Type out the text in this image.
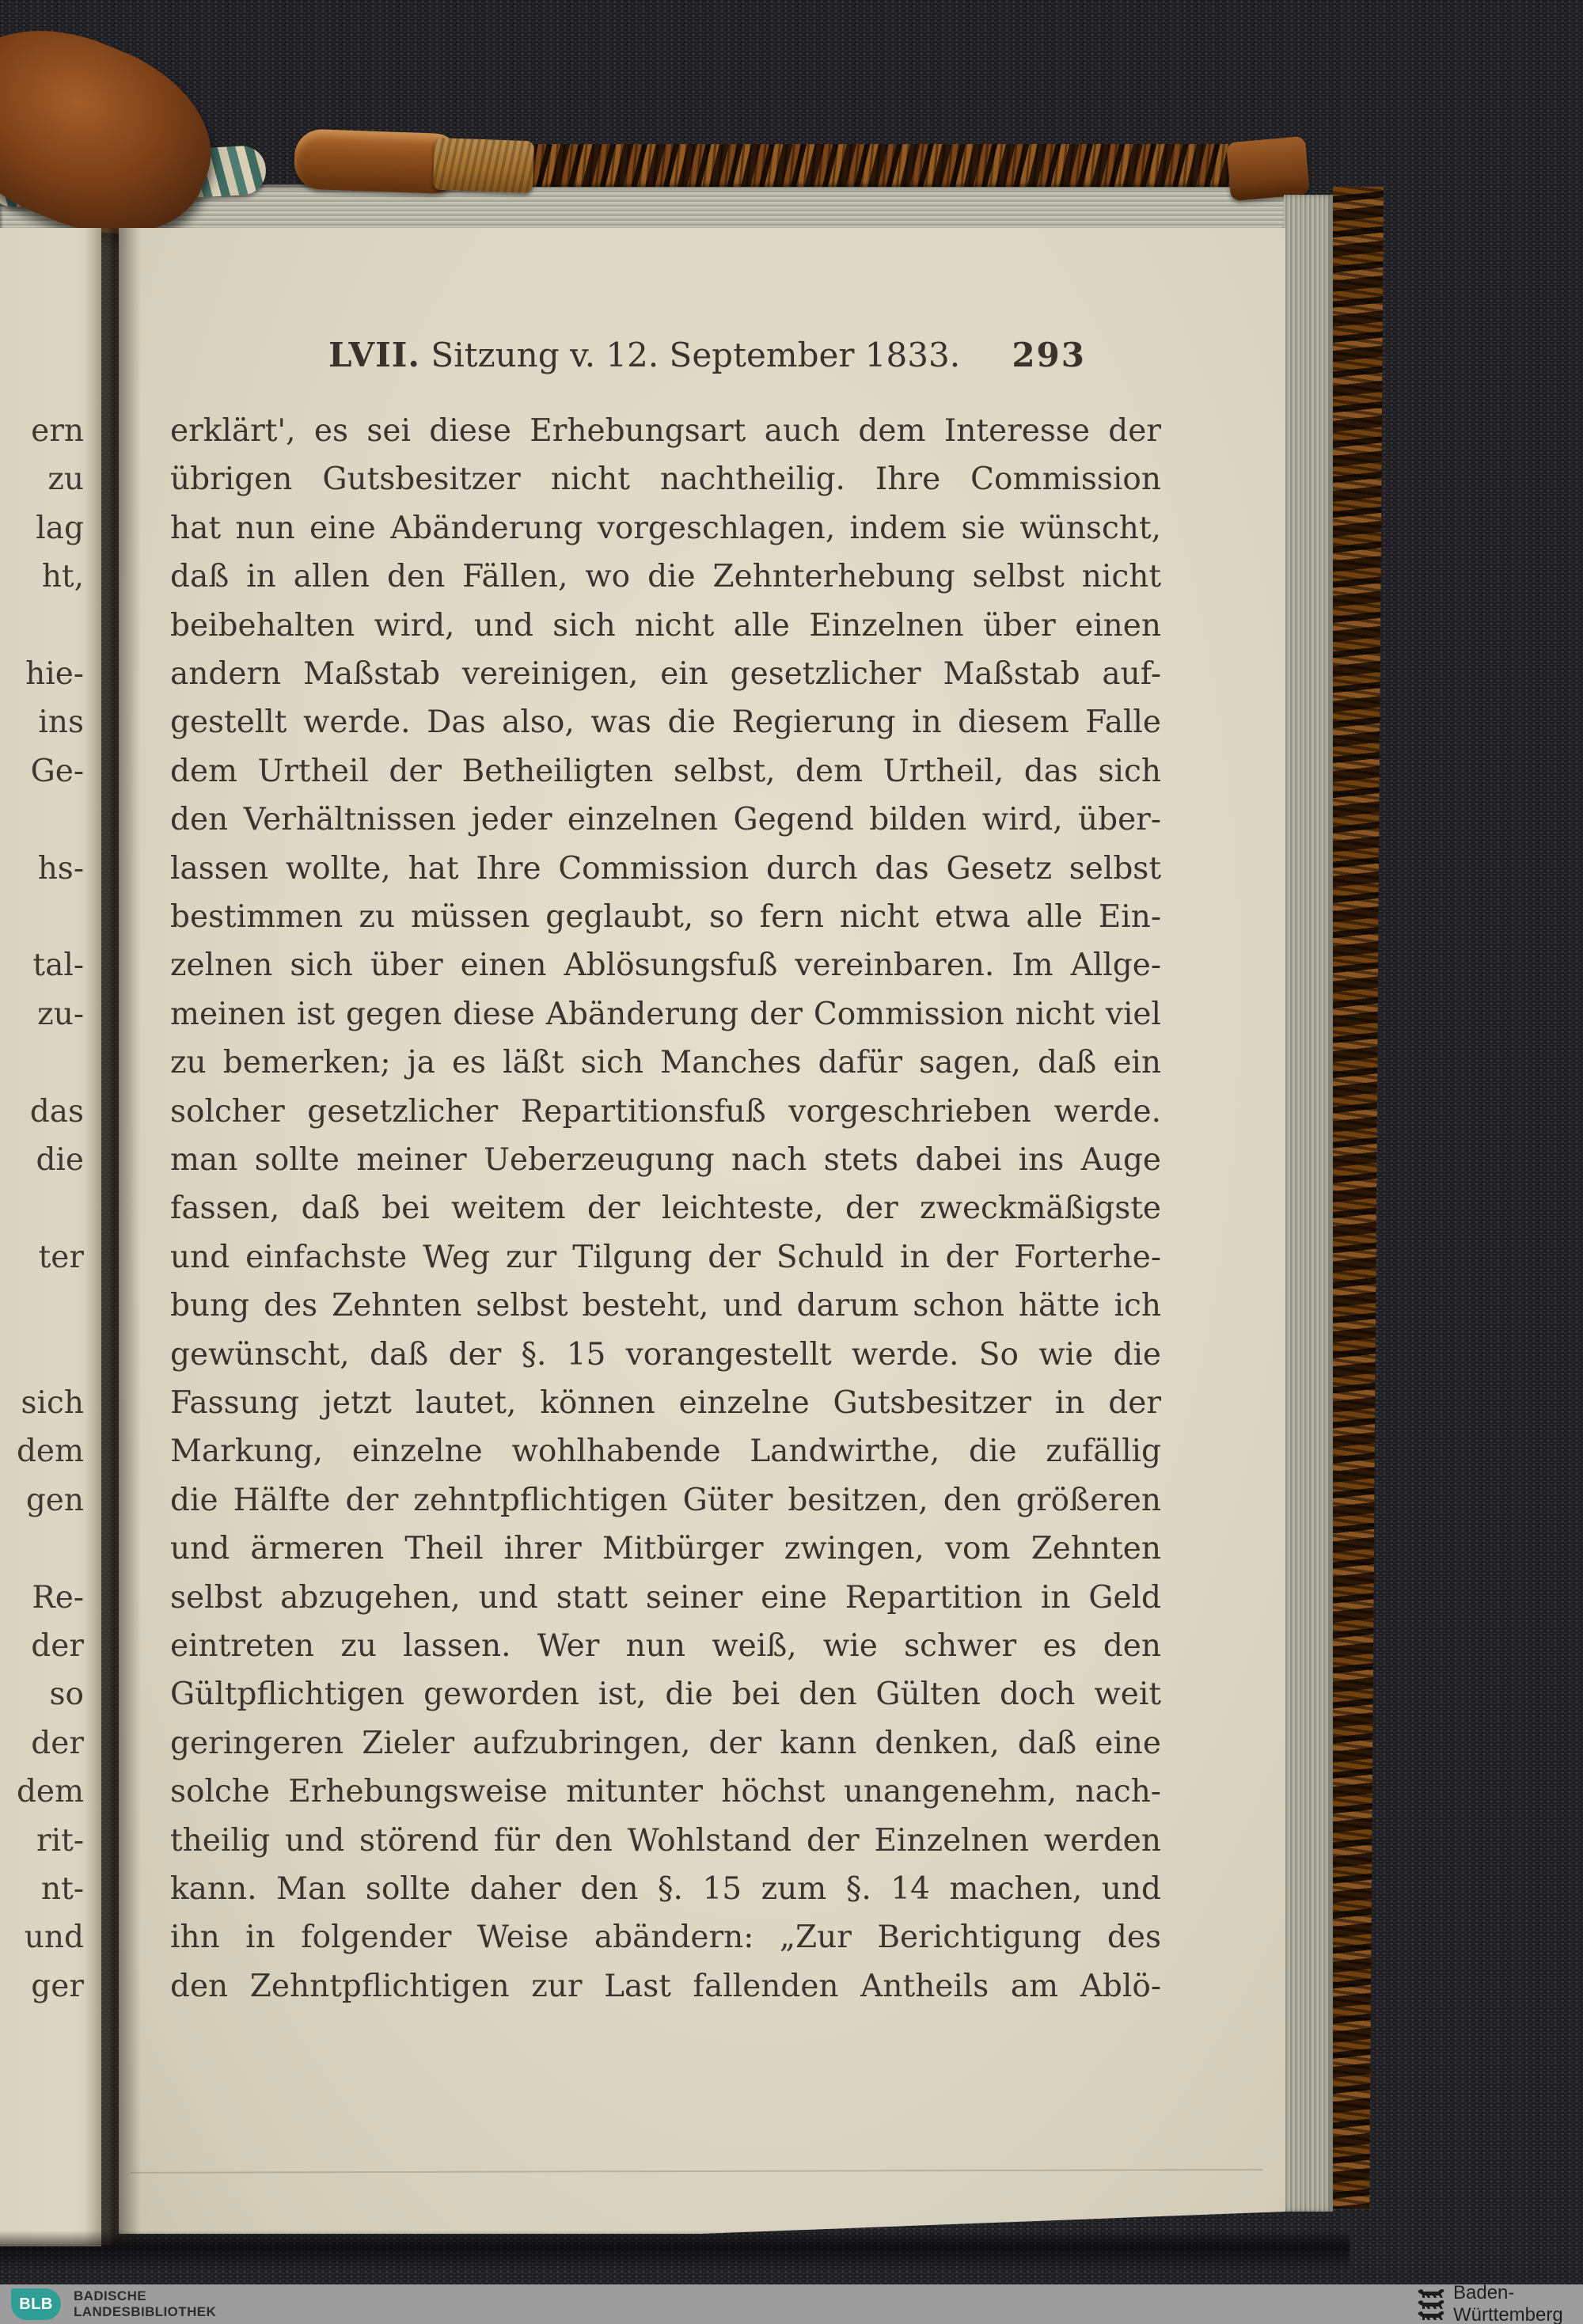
LVII. Sitzung v. 12. September 1833. 293
erklärt', es sei diese Erhebungsart auch dem Interesse der
übrigen Gutsbesitzer nicht nachtheilig. Ihre Commission
hat nun eine Abänderung vorgeschlagen, indem sie wünscht,
daß in allen den Fällen, wo die Zehnterhebung selbst nicht
beibehalten wird, und sich nicht alle Einzelnen über einen
andern Maßstab vereinigen, ein gesetzlicher Maßstab auf-
gestellt werde. Das also, was die Regierung in diesem Falle
dem Urtheil der Betheiligten selbst, dem Urtheil, das sich
den Verhältnissen jeder einzelnen Gegend bilden wird, über-
lassen wollte, hat Ihre Commission durch das Gesetz selbst
bestimmen zu müssen geglaubt, so fern nicht etwa alle Ein-
zelnen sich über einen Ablösungsfuß vereinbaren. Im Allge-
meinen ist gegen diese Abänderung der Commission nicht viel
zu bemerken; ja es läßt sich Manches dafür sagen, daß ein
solcher gesetzlicher Repartitionsfuß vorgeschrieben werde.
man sollte meiner Ueberzeugung nach stets dabei ins Auge
fassen, daß bei weitem der leichteste, der zweckmäßigste
und einfachste Weg zur Tilgung der Schuld in der Forterhe-
bung des Zehnten selbst besteht, und darum schon hätte ich
gewünscht, daß der §. 15 vorangestellt werde. So wie die
Fassung jetzt lautet, können einzelne Gutsbesitzer in der
Markung, einzelne wohlhabende Landwirthe, die zufällig
die Hälfte der zehntpflichtigen Güter besitzen, den größeren
und ärmeren Theil ihrer Mitbürger zwingen, vom Zehnten
selbst abzugehen, und statt seiner eine Repartition in Geld
eintreten zu lassen. Wer nun weiß, wie schwer es den
Gültpflichtigen geworden ist, die bei den Gülten doch weit
geringeren Zieler aufzubringen, der kann denken, daß eine
solche Erhebungsweise mitunter höchst unangenehm, nach-
theilig und störend für den Wohlstand der Einzelnen werden
kann. Man sollte daher den §. 15 zum §. 14 machen, und
ihn in folgender Weise abändern: „Zur Berichtigung des
den Zehntpflichtigen zur Last fallenden Antheils am Ablö-
ern
zu
lag
ht,
hie-
ins
Ge-
hs-
tal-
zu-
das
die
ter
sich
dem
gen
Re-
der
so
der
dem
rit-
nt-
und
ger
BLB	BADISCHE
LANDESBIBLIOTHEK
Baden-Württemberg
